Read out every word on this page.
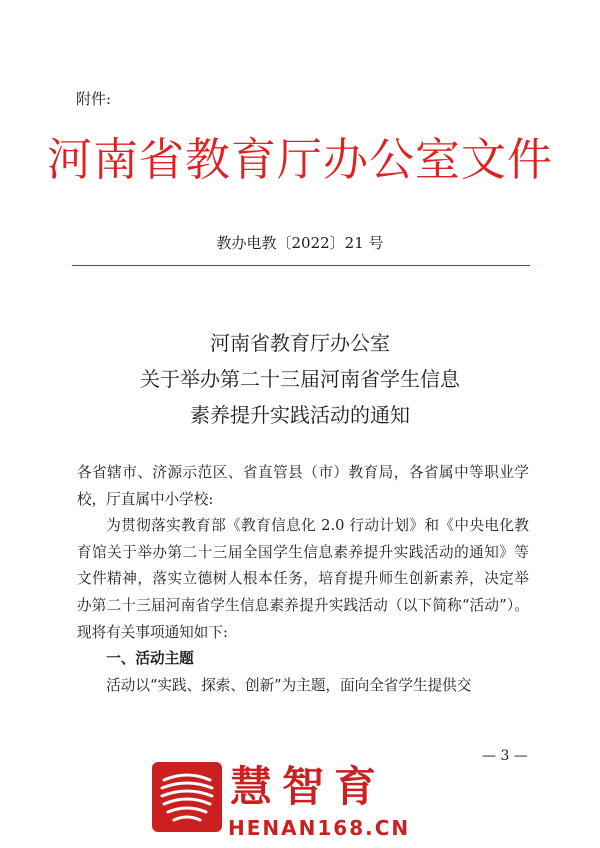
附件:
河南省教育厅办公室文件
教办电教〔2022〕21 号
河南省教育厅办公室
关于举办第二十三届河南省学生信息
素养提升实践活动的通知

各省辖市、济源示范区、省直管县（市）教育局，各省属中等职业学校，厅直属中小学校:

为贯彻落实教育部《教育信息化 2.0 行动计划》和《中央电化教育馆关于举办第二十三届全国学生信息素养提升实践活动的通知》等文件精神，落实立德树人根本任务，培育提升师生创新素养，决定举办第二十三届河南省学生信息素养提升实践活动（以下简称“活动”）。现将有关事项通知如下:

一、活动主题

活动以“实践、探索、创新”为主题，面向全省学生提供交

— 3 —
慧智育
HENAN168.CN
